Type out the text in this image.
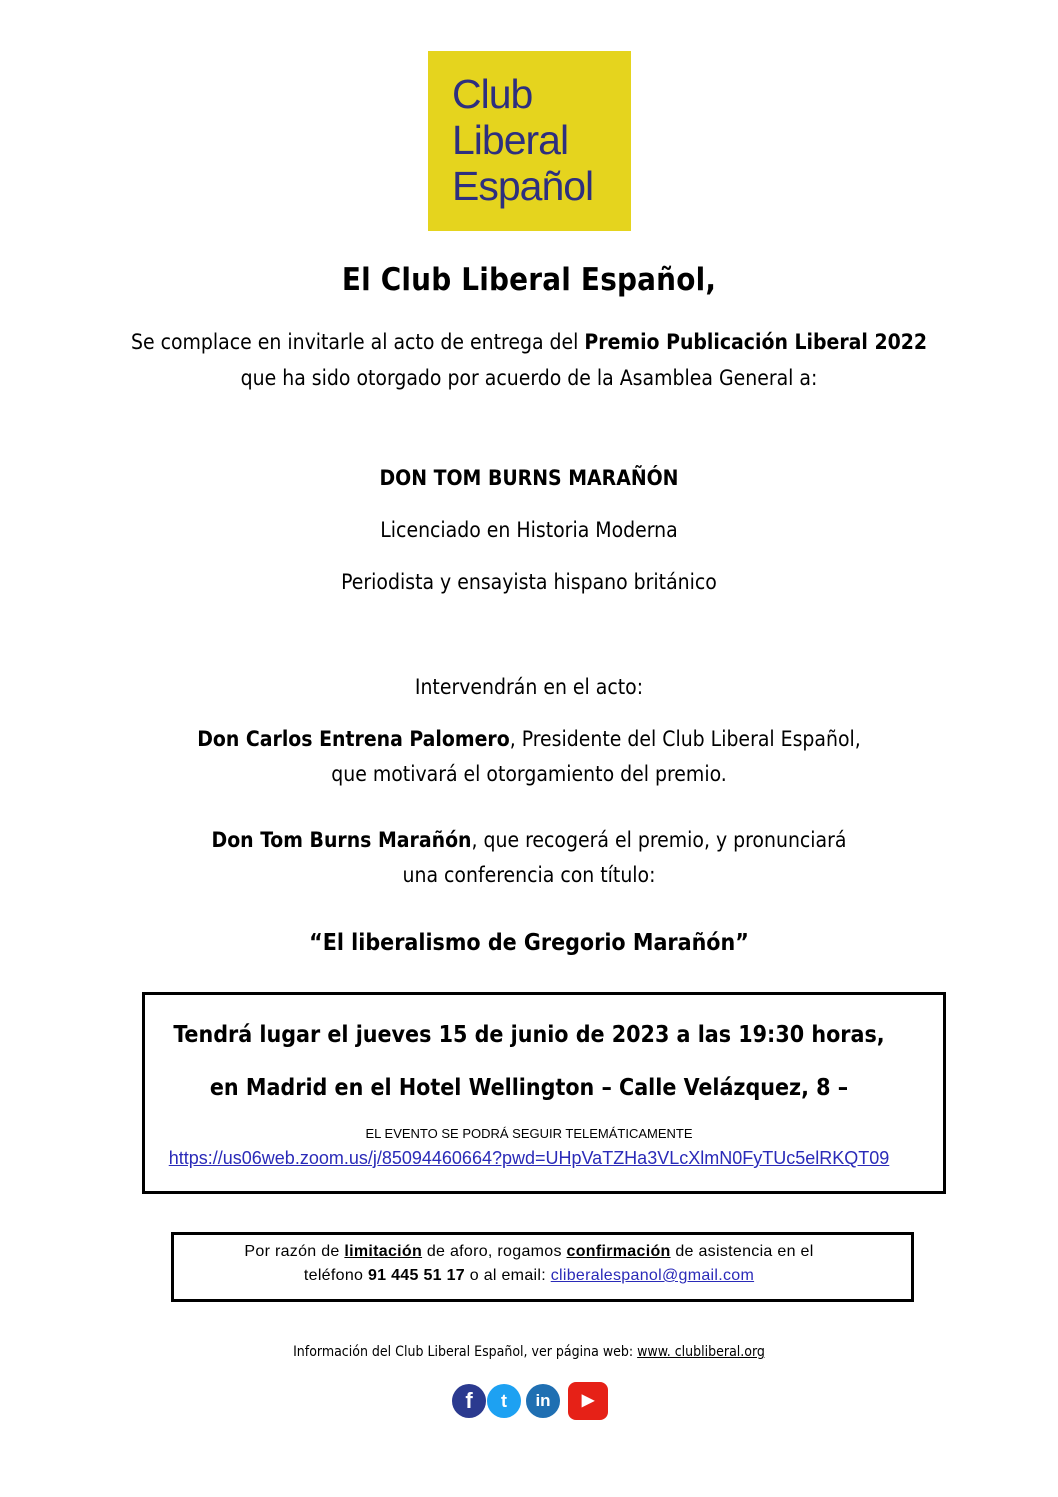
Club
Liberal
Español
El Club Liberal Español,
Se complace en invitarle al acto de entrega del Premio Publicación Liberal 2022
que ha sido otorgado por acuerdo de la Asamblea General a:
DON TOM BURNS MARAÑÓN
Licenciado en Historia Moderna
Periodista y ensayista hispano británico
Intervendrán en el acto:
Don Carlos Entrena Palomero, Presidente del Club Liberal Español,
que motivará el otorgamiento del premio.
Don Tom Burns Marañón, que recogerá el premio, y pronunciará
una conferencia con título:
“El liberalismo de Gregorio Marañón”
Tendrá lugar el jueves 15 de junio de 2023 a las 19:30 horas,
en Madrid en el Hotel Wellington – Calle Velázquez, 8 –
EL EVENTO SE PODRÁ SEGUIR TELEMÁTICAMENTE
https://us06web.zoom.us/j/85094460664?pwd=UHpVaTZHa3VLcXlmN0FyTUc5elRKQT09
Por razón de limitación de aforo, rogamos confirmación de asistencia en el
teléfono 91 445 51 17 o al email: cliberalespanol@gmail.com
Información del Club Liberal Español, ver página web: www. clubliberal.org
f	t	in	▶
